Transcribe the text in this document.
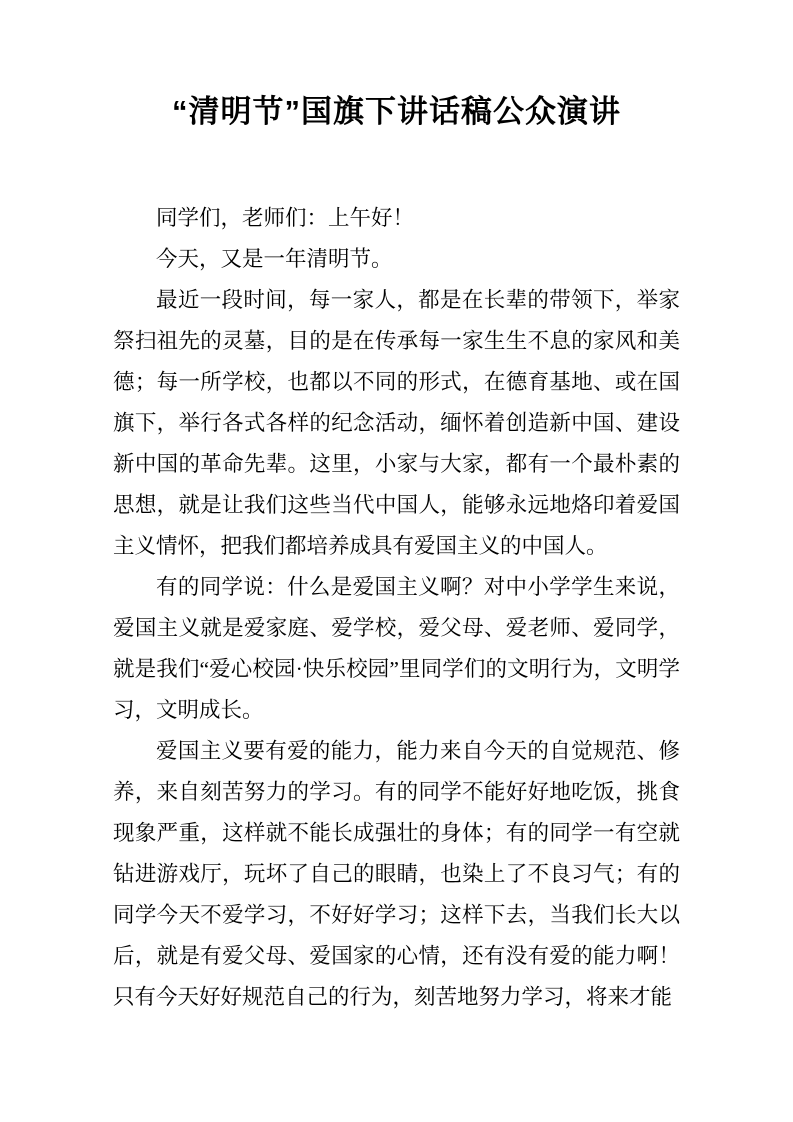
“清明节”国旗下讲话稿公众演讲

同学们，老师们：上午好！

今天，又是一年清明节。

最近一段时间，每一家人，都是在长辈的带领下，举家祭扫祖先的灵墓，目的是在传承每一家生生不息的家风和美德；每一所学校，也都以不同的形式，在德育基地、或在国旗下，举行各式各样的纪念活动，缅怀着创造新中国、建设新中国的革命先辈。这里，小家与大家，都有一个最朴素的思想，就是让我们这些当代中国人，能够永远地烙印着爱国主义情怀，把我们都培养成具有爱国主义的中国人。

有的同学说：什么是爱国主义啊？对中小学学生来说，爱国主义就是爱家庭、爱学校，爱父母、爱老师、爱同学，就是我们“爱心校园·快乐校园”里同学们的文明行为，文明学习，文明成长。

爱国主义要有爱的能力，能力来自今天的自觉规范、修养，来自刻苦努力的学习。有的同学不能好好地吃饭，挑食现象严重，这样就不能长成强壮的身体；有的同学一有空就钻进游戏厅，玩坏了自己的眼睛，也染上了不良习气；有的同学今天不爱学习，不好好学习；这样下去，当我们长大以后，就是有爱父母、爱国家的心情，还有没有爱的能力啊！只有今天好好规范自己的行为，刻苦地努力学习，将来才能
